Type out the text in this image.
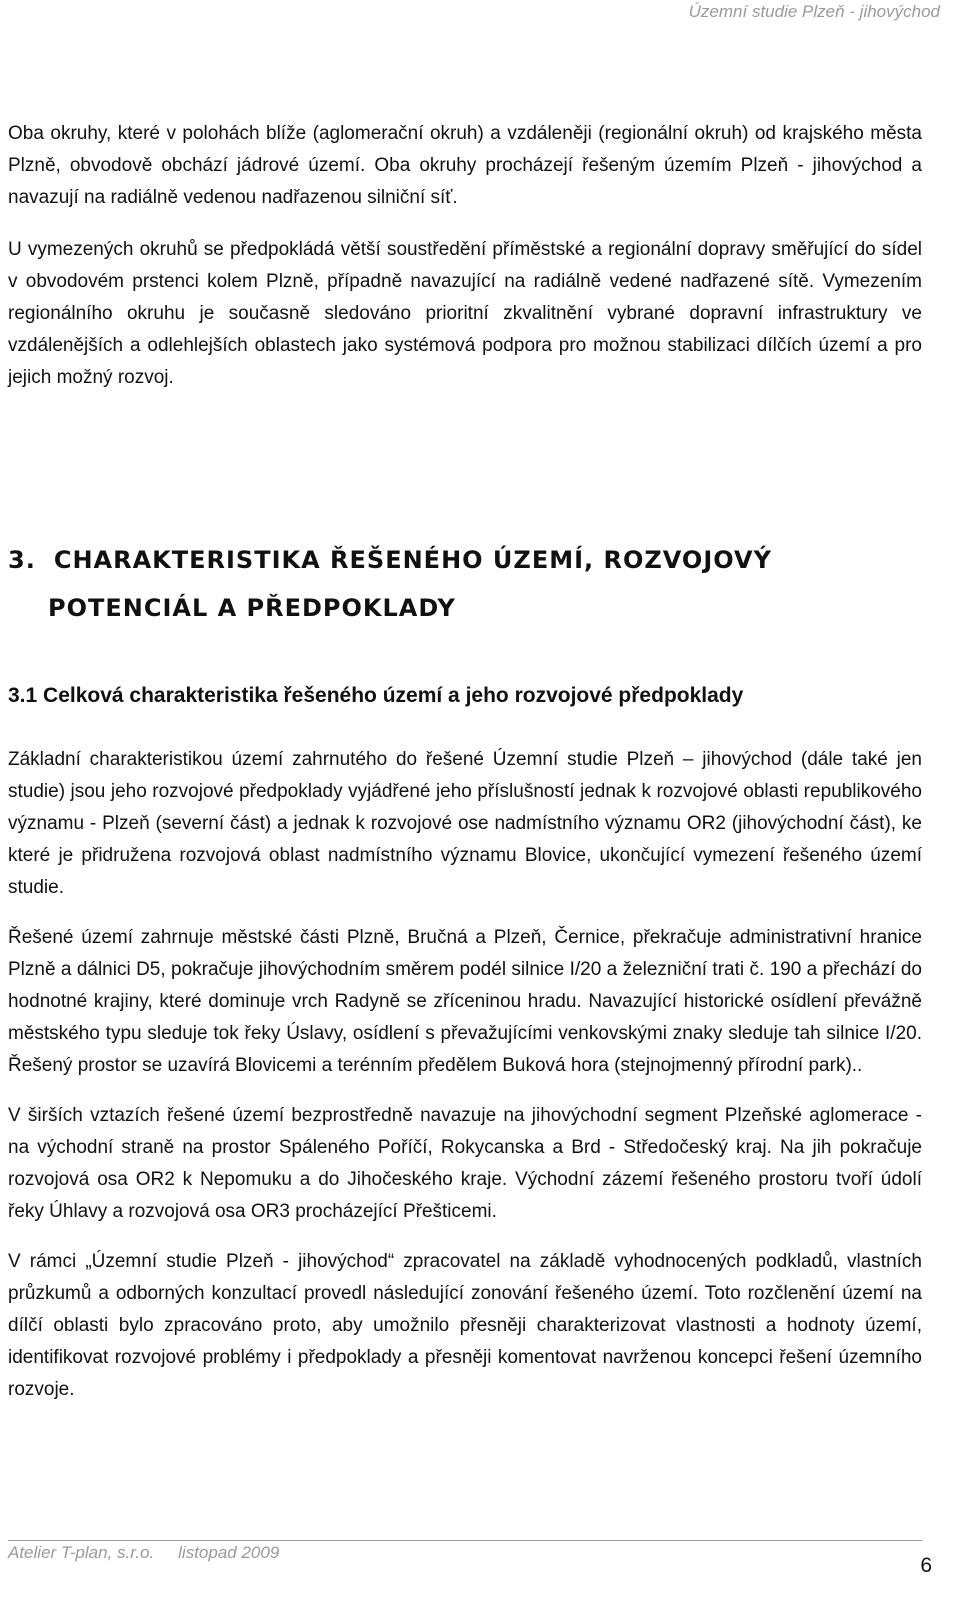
Územní studie Plzeň - jihovýchod

Oba okruhy, které v polohách blíže (aglomerační okruh) a vzdáleněji (regionální okruh) od krajského města Plzně, obvodově obchází jádrové území. Oba okruhy procházejí řešeným územím Plzeň - jihovýchod a navazují na radiálně vedenou nadřazenou silniční síť.

U vymezených okruhů se předpokládá větší soustředění příměstské a regionální dopravy směřující do sídel v obvodovém prstenci kolem Plzně, případně navazující na radiálně vedené nadřazené sítě. Vymezením regionálního okruhu je současně sledováno prioritní zkvalitnění vybrané dopravní infrastruktury ve vzdálenějších a odlehlejších oblastech jako systémová podpora pro možnou stabilizaci dílčích území a pro jejich možný rozvoj.

3. CHARAKTERISTIKA ŘEŠENÉHO ÚZEMÍ, ROZVOJOVÝ
POTENCIÁL A PŘEDPOKLADY
3.1 Celková charakteristika řešeného území a jeho rozvojové předpoklady

Základní charakteristikou území zahrnutého do řešené Územní studie Plzeň – jihovýchod (dále také jen studie) jsou jeho rozvojové předpoklady vyjádřené jeho příslušností jednak k rozvojové oblasti republikového významu - Plzeň (severní část) a jednak k rozvojové ose nadmístního významu OR2 (jihovýchodní část), ke které je přidružena rozvojová oblast nadmístního významu Blovice, ukončující vymezení řešeného území studie.

Řešené území zahrnuje městské části Plzně, Bručná a Plzeň, Černice, překračuje administrativní hranice Plzně a dálnici D5, pokračuje jihovýchodním směrem podél silnice I/20 a železniční trati č. 190 a přechází do hodnotné krajiny, které dominuje vrch Radyně se zříceninou hradu. Navazující historické osídlení převážně městského typu sleduje tok řeky Úslavy, osídlení s převažujícími venkovskými znaky sleduje tah silnice I/20. Řešený prostor se uzavírá Blovicemi a terénním předělem Buková hora (stejnojmenný přírodní park)..

V širších vztazích řešené území bezprostředně navazuje na jihovýchodní segment Plzeňské aglomerace - na východní straně na prostor Spáleného Poříčí, Rokycanska a Brd - Středočeský kraj. Na jih pokračuje rozvojová osa OR2 k Nepomuku a do Jihočeského kraje. Východní zázemí řešeného prostoru tvoří údolí řeky Úhlavy a rozvojová osa OR3 procházející Přešticemi.

V rámci „Územní studie Plzeň - jihovýchod“ zpracovatel na základě vyhodnocených podkladů, vlastních průzkumů a odborných konzultací provedl následující zonování řešeného území. Toto rozčlenění území na dílčí oblasti bylo zpracováno proto, aby umožnilo přesněji charakterizovat vlastnosti a hodnoty území, identifikovat rozvojové problémy i předpoklady a přesněji komentovat navrženou koncepci řešení územního rozvoje.

Atelier T-plan, s.r.o. listopad 2009
6
